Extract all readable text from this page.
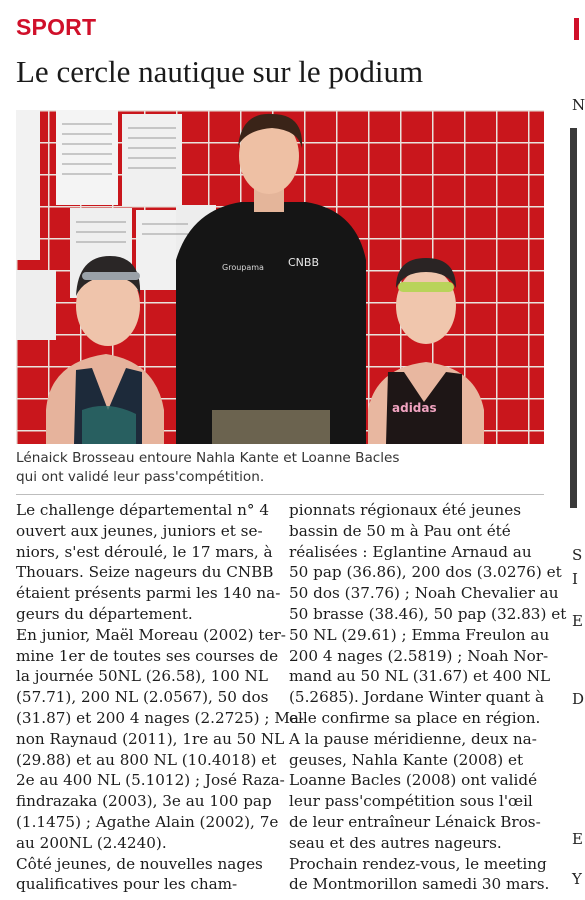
SPORT
Le cercle nautique sur le podium
CNBB
Groupama
adidas
Lénaick Brosseau entoure Nahla Kante et Loanne Bacles
qui ont validé leur pass'compétition.
Le challenge départemental n° 4
ouvert aux jeunes, juniors et se-
niors, s'est déroulé, le 17 mars, à
Thouars. Seize nageurs du CNBB
étaient présents parmi les 140 na-
geurs du département.
En junior, Maël Moreau (2002) ter-
mine 1er de toutes ses courses de
la journée 50NL (26.58), 100 NL
(57.71), 200 NL (2.0567), 50 dos
(31.87) et 200 4 nages (2.2725) ; Ma-
non Raynaud (2011), 1re au 50 NL
(29.88) et au 800 NL (10.4018) et
2e au 400 NL (5.1012) ; José Raza-
findrazaka (2003), 3e au 100 pap
(1.1475) ; Agathe Alain (2002), 7e
au 200NL (2.4240).
Côté jeunes, de nouvelles nages
qualificatives pour les cham-
pionnats régionaux été jeunes
bassin de 50 m à Pau ont été
réalisées : Eglantine Arnaud au
50 pap (36.86), 200 dos (3.0276) et
50 dos (37.76) ; Noah Chevalier au
50 brasse (38.46), 50 pap (32.83) et
50 NL (29.61) ; Emma Freulon au
200 4 nages (2.5819) ; Noah Nor-
mand au 50 NL (31.67) et 400 NL
(5.2685). Jordane Winter quant à
elle confirme sa place en région.
A la pause méridienne, deux na-
geuses, Nahla Kante (2008) et
Loanne Bacles (2008) ont validé
leur pass'compétition sous l'œil
de leur entraîneur Lénaick Bros-
seau et des autres nageurs.
Prochain rendez-vous, le meeting
de Montmorillon samedi 30 mars.
N
S
I
E
D
E
Y
